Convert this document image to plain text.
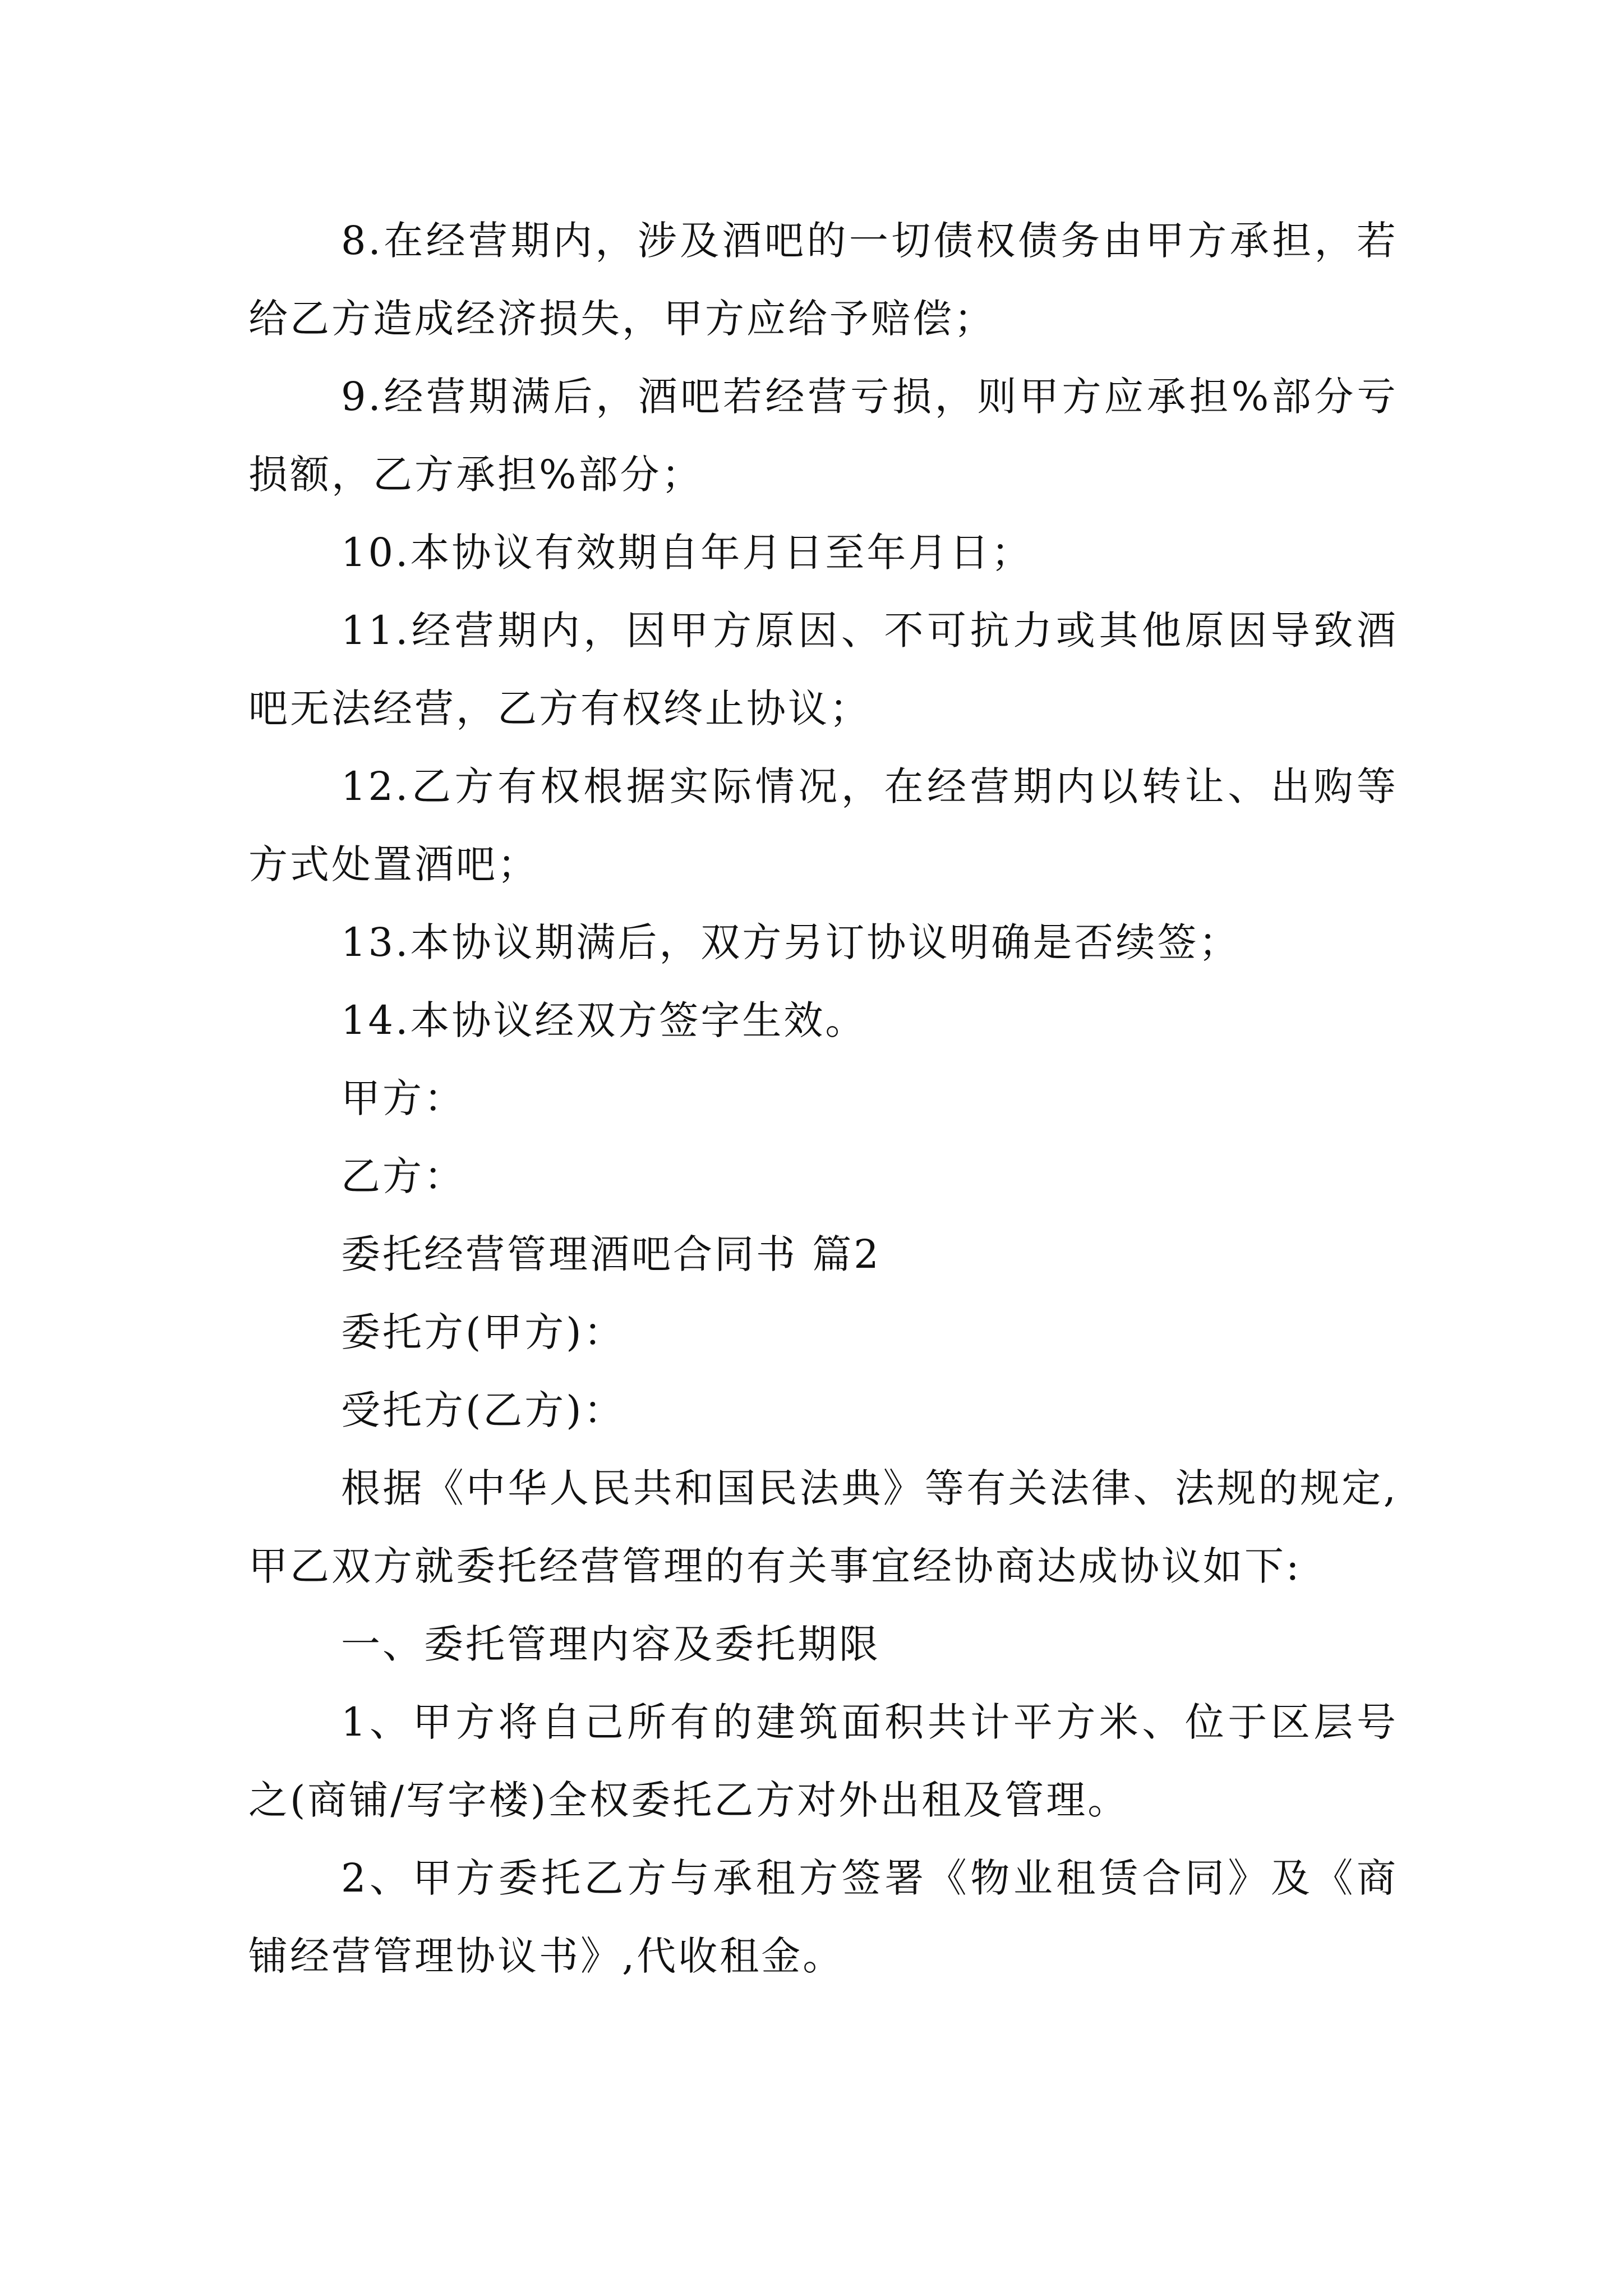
8.在经营期内，涉及酒吧的一切债权债务由甲方承担，若给乙方造成经济损失，甲方应给予赔偿；

9.经营期满后，酒吧若经营亏损，则甲方应承担%部分亏损额，乙方承担%部分；

10.本协议有效期自年月日至年月日；

11.经营期内，因甲方原因、不可抗力或其他原因导致酒吧无法经营，乙方有权终止协议；

12.乙方有权根据实际情况，在经营期内以转让、出购等方式处置酒吧；

13.本协议期满后，双方另订协议明确是否续签；

14.本协议经双方签字生效。

甲方：

乙方：

委托经营管理酒吧合同书 篇2

委托方(甲方)：

受托方(乙方)：

根据《中华人民共和国民法典》等有关法律、法规的规定,甲乙双方就委托经营管理的有关事宜经协商达成协议如下:

一、委托管理内容及委托期限

1、甲方将自己所有的建筑面积共计平方米、位于区层号之(商铺/写字楼)全权委托乙方对外出租及管理。

2、甲方委托乙方与承租方签署《物业租赁合同》及《商铺经营管理协议书》,代收租金。
